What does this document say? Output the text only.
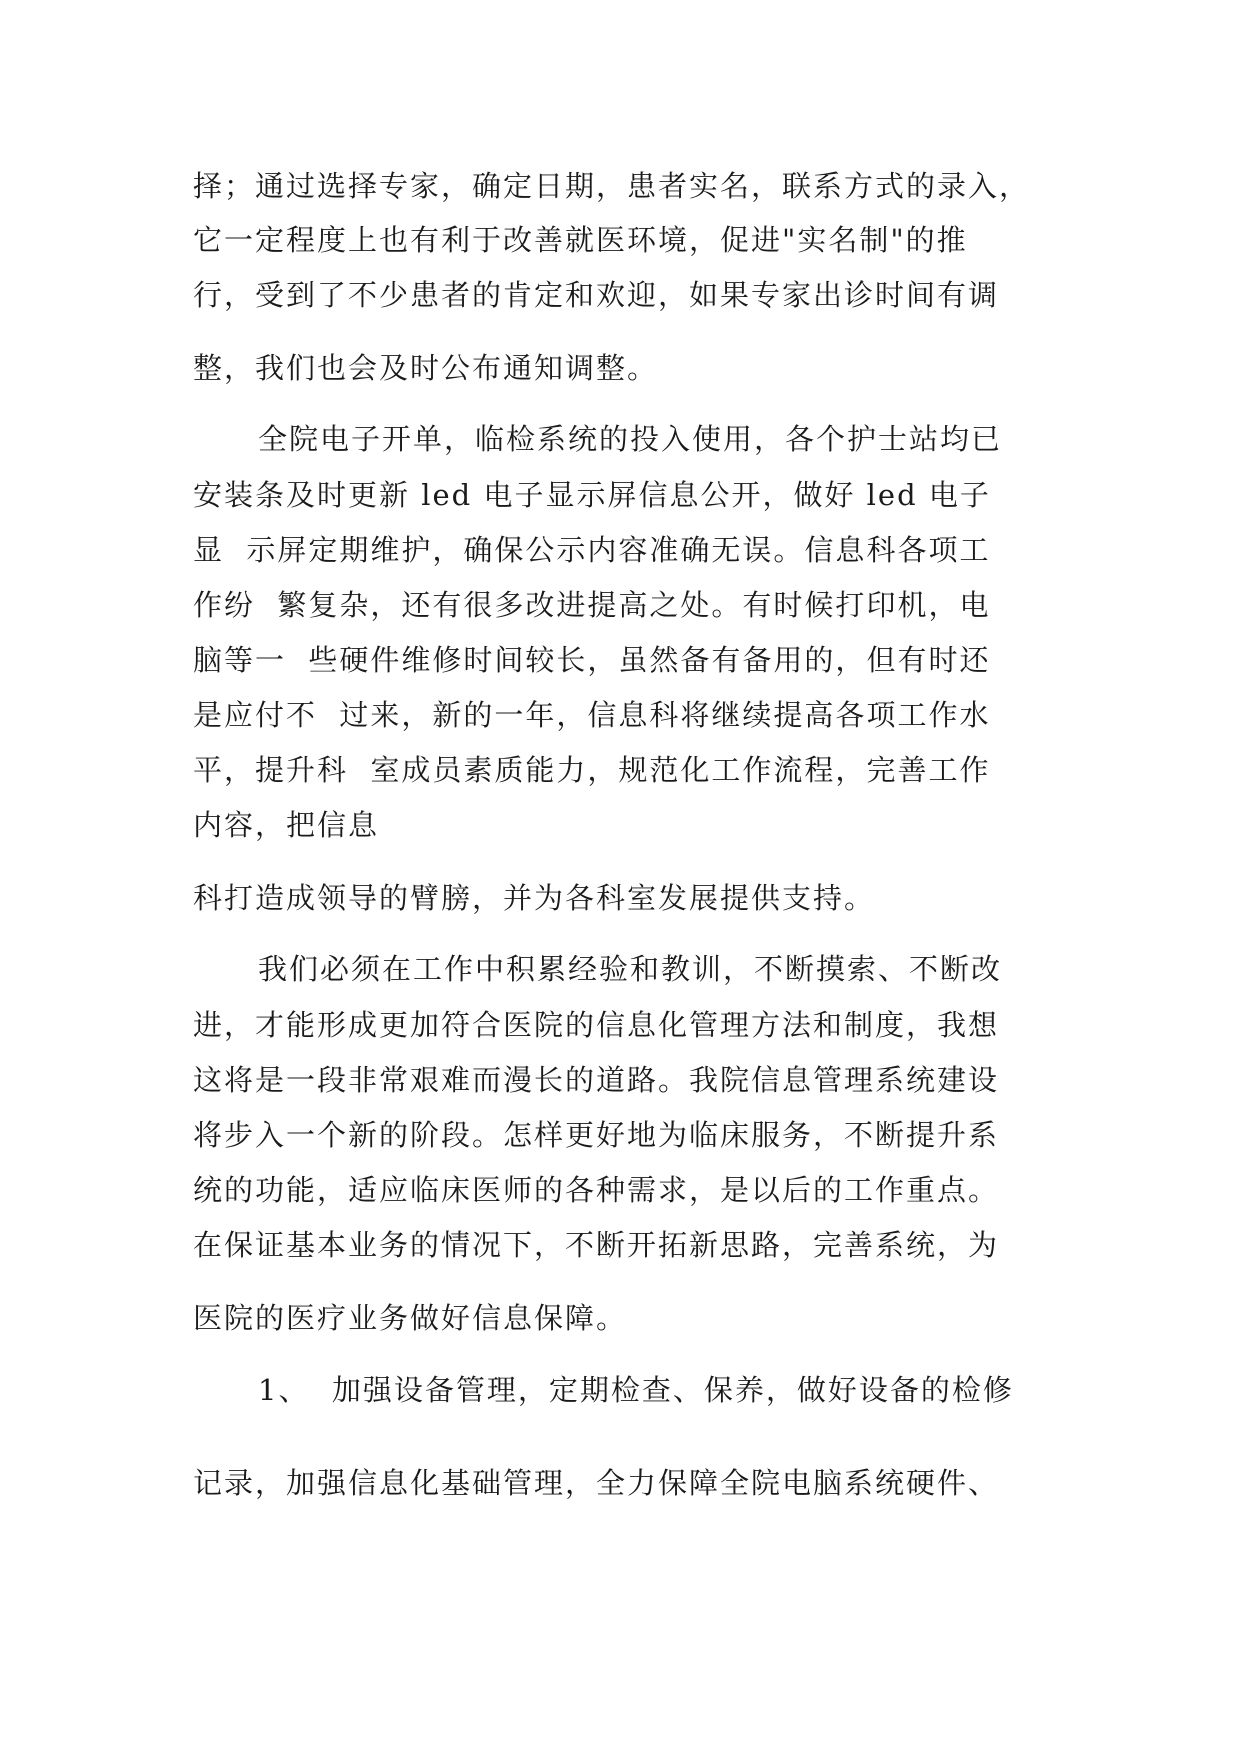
择；通过选择专家，确定日期，患者实名，联系方式的录入，
它一定程度上也有利于改善就医环境，促进"实名制"的推
行，受到了不少患者的肯定和欢迎，如果专家出诊时间有调
整，我们也会及时公布通知调整。
全院电子开单，临检系统的投入使用，各个护士站均已
安装条及时更新 led 电子显示屏信息公开，做好 led 电子
显  示屏定期维护，确保公示内容准确无误。信息科各项工
作纷  繁复杂，还有很多改进提高之处。有时候打印机，电
脑等一  些硬件维修时间较长，虽然备有备用的，但有时还
是应付不  过来，新的一年，信息科将继续提高各项工作水
平，提升科  室成员素质能力，规范化工作流程，完善工作
内容，把信息
科打造成领导的臂膀，并为各科室发展提供支持。
我们必须在工作中积累经验和教训，不断摸索、不断改
进，才能形成更加符合医院的信息化管理方法和制度，我想
这将是一段非常艰难而漫长的道路。我院信息管理系统建设
将步入一个新的阶段。怎样更好地为临床服务，不断提升系
统的功能，适应临床医师的各种需求，是以后的工作重点。
在保证基本业务的情况下，不断开拓新思路，完善系统，为
医院的医疗业务做好信息保障。
1、  加强设备管理，定期检查、保养，做好设备的检修
记录，加强信息化基础管理，全力保障全院电脑系统硬件、
